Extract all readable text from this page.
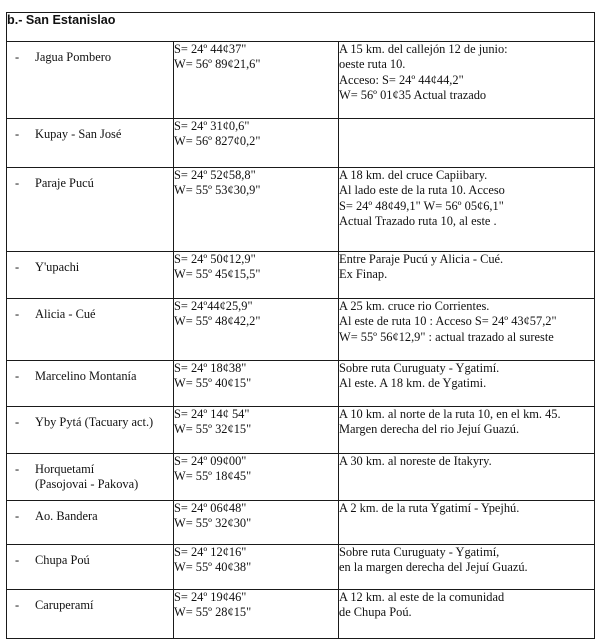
b.- San Estanislao		

- Jagua Pombero	S= 24º 44¢37"
W= 56º 89¢21,6"	A 15 km. del callejón 12 de junio:
oeste ruta 10.
Acceso: S= 24º 44¢44,2"
W= 56º 01¢35 Actual trazado

- Kupay - San José	S= 24º 31¢0,6"
W= 56º 827¢0,2"	

- Paraje Pucú	S= 24º 52¢58,8"
W= 55º 53¢30,9"	A 18 km. del cruce Capiibary.
Al lado este de la ruta 10. Acceso
S= 24º 48¢49,1" W= 56º 05¢6,1"
Actual Trazado ruta 10, al este .

- Y'upachi	S= 24º 50¢12,9"
W= 55º 45¢15,5"	Entre Paraje Pucú y Alicia - Cué.
Ex Finap.

- Alicia - Cué	S= 24º44¢25,9"
W= 55º 48¢42,2"	A 25 km. cruce rio Corrientes.
Al este de ruta 10 : Acceso S= 24º 43¢57,2"
W= 55º 56¢12,9" : actual trazado al sureste

- Marcelino Montanía	S= 24º 18¢38"
W= 55º 40¢15"	Sobre ruta Curuguaty - Ygatimí.
Al este. A 18 km. de Ygatimi.

- Yby Pytá (Tacuary act.)	S= 24º 14¢ 54"
W= 55º 32¢15"	A 10 km. al norte de la ruta 10, en el km. 45.
Margen derecha del rio Jejuí Guazú.

- Horquetamí
(Pasojovai - Pakova)	S= 24º 09¢00"
W= 55º 18¢45"	A 30 km. al noreste de Itakyry.

- Ao. Bandera	S= 24º 06¢48"
W= 55º 32¢30"	A 2 km. de la ruta Ygatimí - Ypejhú.

- Chupa Poú	S= 24º 12¢16"
W= 55º 40¢38"	Sobre ruta Curuguaty - Ygatimí,
en la margen derecha del Jejuí Guazú.

- Caruperamí	S= 24º 19¢46"
W= 55º 28¢15"	A 12 km. al este de la comunidad
de Chupa Poú.
